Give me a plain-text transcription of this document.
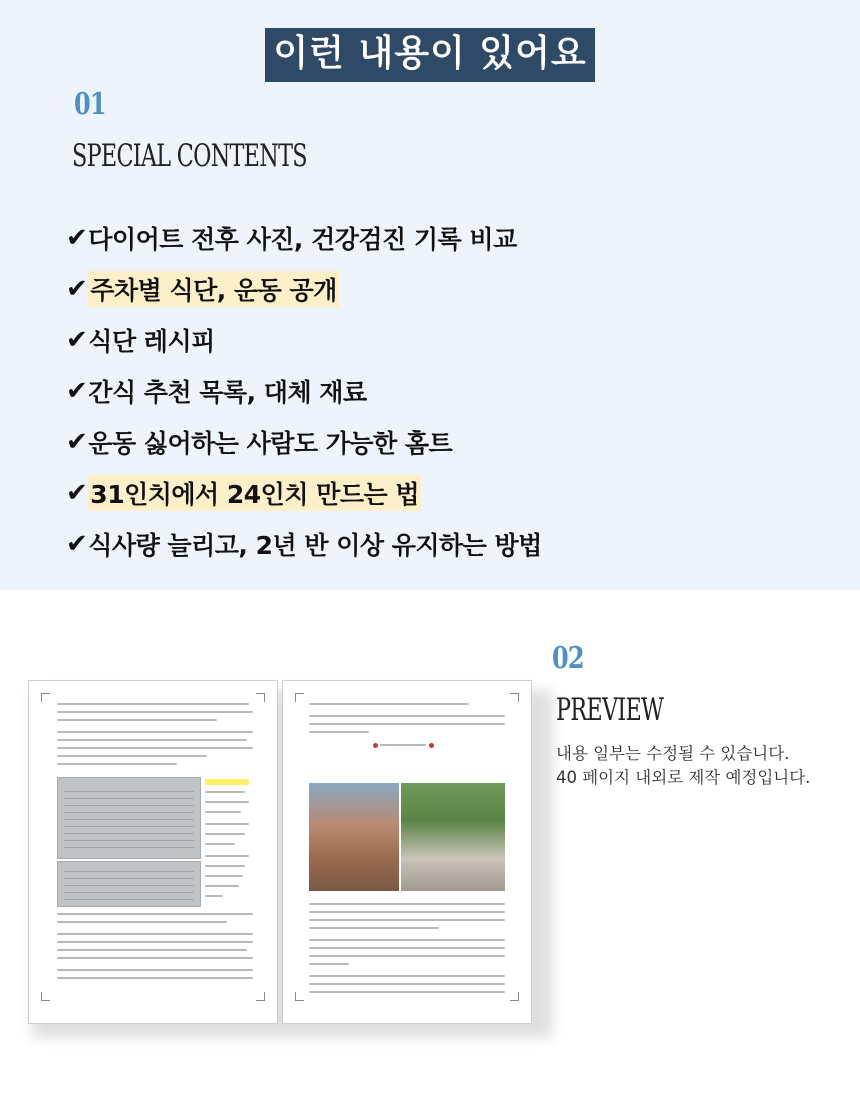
이런 내용이 있어요
01
SPECIAL CONTENTS
✔ 다이어트 전후 사진, 건강검진 기록 비교
✔ 주차별 식단, 운동 공개
✔ 식단 레시피
✔ 간식 추천 목록, 대체 재료
✔ 운동 싫어하는 사람도 가능한 홈트
✔ 31인치에서 24인치 만드는 법
✔ 식사량 늘리고, 2년 반 이상 유지하는 방법
02
PREVIEW
내용 일부는 수정될 수 있습니다.
40 페이지 내외로 제작 예정입니다.
